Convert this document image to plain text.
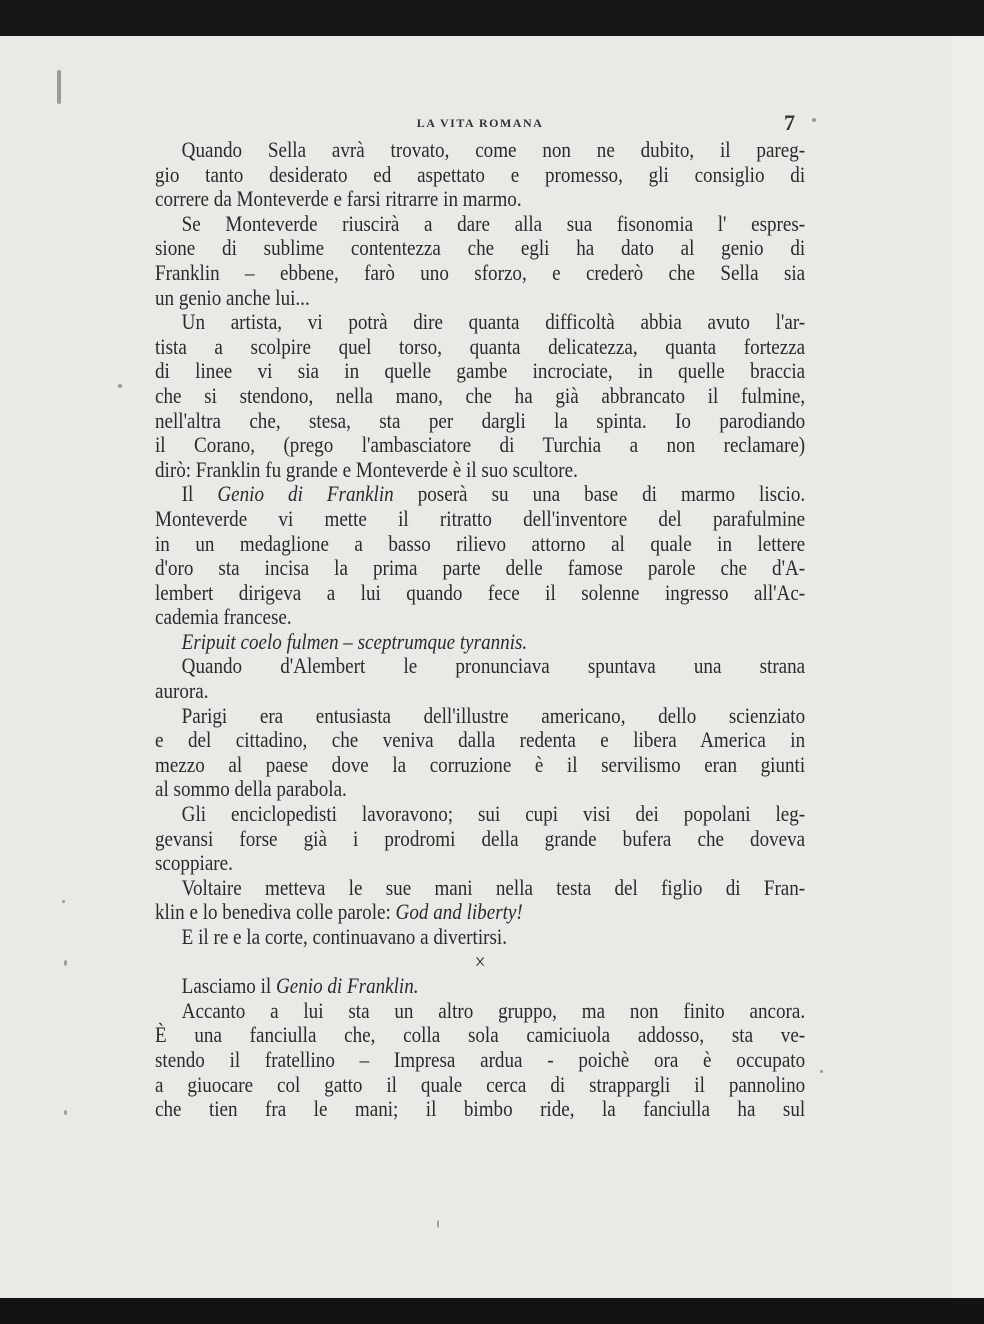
LA VITA ROMANA	7
Quando Sella avrà trovato, come non ne dubito, il pareg-
gio tanto desiderato ed aspettato e promesso, gli consiglio di
correre da Monteverde e farsi ritrarre in marmo.
Se Monteverde riuscirà a dare alla sua fisonomia l' espres-
sione di sublime contentezza che egli ha dato al genio di
Franklin – ebbene, farò uno sforzo, e crederò che Sella sia
un genio anche lui...
Un artista, vi potrà dire quanta difficoltà abbia avuto l'ar-
tista a scolpire quel torso, quanta delicatezza, quanta fortezza
di linee vi sia in quelle gambe incrociate, in quelle braccia
che si stendono, nella mano, che ha già abbrancato il fulmine,
nell'altra che, stesa, sta per dargli la spinta. Io parodiando
il Corano, (prego l'ambasciatore di Turchia a non reclamare)
dirò: Franklin fu grande e Monteverde è il suo scultore.
Il Genio di Franklin poserà su una base di marmo liscio.
Monteverde vi mette il ritratto dell'inventore del parafulmine
in un medaglione a basso rilievo attorno al quale in lettere
d'oro sta incisa la prima parte delle famose parole che d'A-
lembert dirigeva a lui quando fece il solenne ingresso all'Ac-
cademia francese.
Eripuit coelo fulmen – sceptrumque tyrannis.
Quando d'Alembert le pronunciava spuntava una strana
aurora.
Parigi era entusiasta dell'illustre americano, dello scienziato
e del cittadino, che veniva dalla redenta e libera America in
mezzo al paese dove la corruzione è il servilismo eran giunti
al sommo della parabola.
Gli enciclopedisti lavoravono; sui cupi visi dei popolani leg-
gevansi forse già i prodromi della grande bufera che doveva
scoppiare.
Voltaire metteva le sue mani nella testa del figlio di Fran-
klin e lo benediva colle parole: God and liberty!
E il re e la corte, continuavano a divertirsi.
×
Lasciamo il Genio di Franklin.
Accanto a lui sta un altro gruppo, ma non finito ancora.
È una fanciulla che, colla sola camiciuola addosso, sta ve-
stendo il fratellino – Impresa ardua - poichè ora è occupato
a giuocare col gatto il quale cerca di strappargli il pannolino
che tien fra le mani; il bimbo ride, la fanciulla ha sul
